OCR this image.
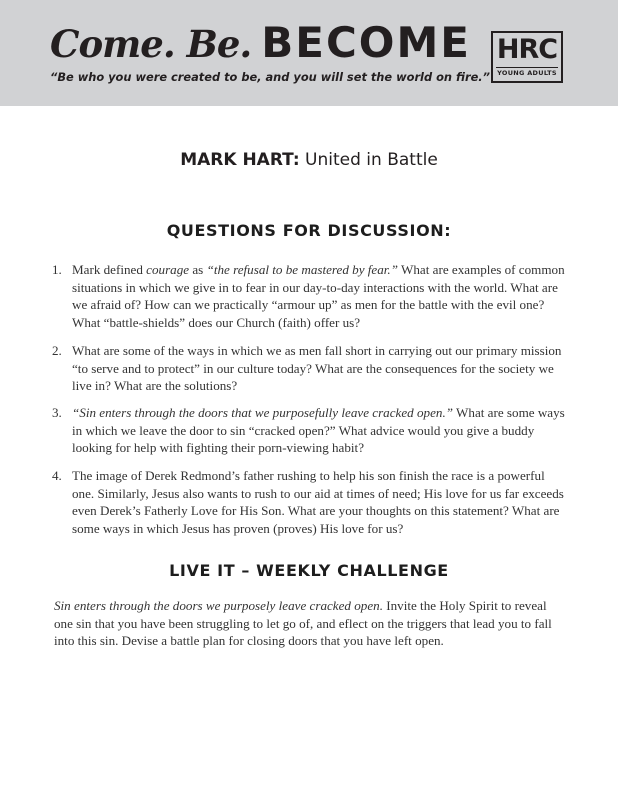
Come. Be. BECOME
“Be who you were created to be, and you will set the world on fire.”
HRC
YOUNG ADULTS
MARK HART: United in Battle
QUESTIONS FOR DISCUSSION:
1. Mark defined courage as “the refusal to be mastered by fear.” What are examples of common situations in which we give in to fear in our day-to-day interactions with the world. What are we afraid of? How can we practically “armour up” as men for the battle with the evil one? What “battle-shields” does our Church (faith) offer us?
2. What are some of the ways in which we as men fall short in carrying out our primary mission “to serve and to protect” in our culture today? What are the consequences for the society we live in? What are the solutions?
3. “Sin enters through the doors that we purposefully leave cracked open.” What are some ways in which we leave the door to sin “cracked open?” What advice would you give a buddy looking for help with fighting their porn-viewing habit?
4. The image of Derek Redmond’s father rushing to help his son finish the race is a powerful one. Similarly, Jesus also wants to rush to our aid at times of need; His love for us far exceeds even Derek’s Fatherly Love for His Son. What are your thoughts on this statement? What are some ways in which Jesus has proven (proves) His love for us?
LIVE IT – WEEKLY CHALLENGE
Sin enters through the doors we purposely leave cracked open. Invite the Holy Spirit to reveal one sin that you have been struggling to let go of, and eflect on the triggers that lead you to fall into this sin. Devise a battle plan for closing doors that you have left open.
